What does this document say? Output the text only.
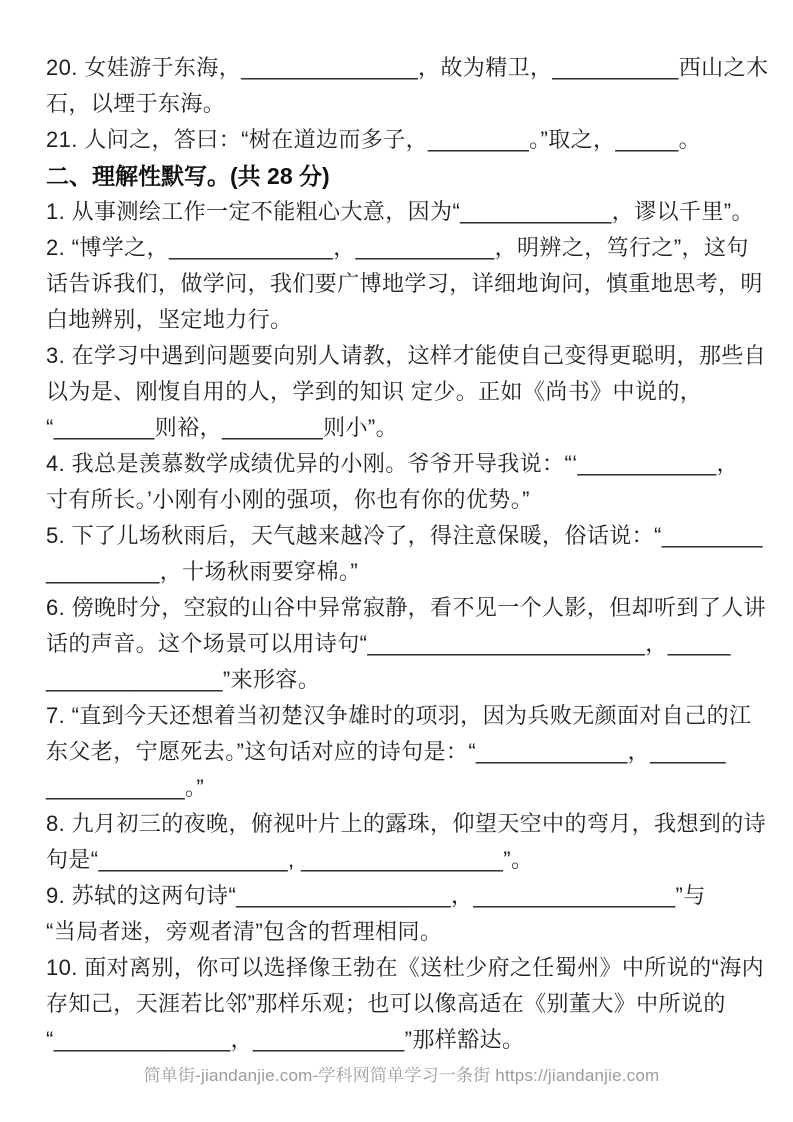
20. 女娃游于东海，______________，故为精卫，__________西山之木
石，以堙于东海。
21. 人问之，答曰：“树在道边而多子，________。”取之，_____。
二、理解性默写。(共 28 分)
1. 从事测绘工作一定不能粗心大意，因为“____________，谬以千里”。
2. “博学之，_____________，___________，明辨之，笃行之”，这句
话告诉我们，做学问，我们要广博地学习，详细地询问，慎重地思考，明
白地辨别，坚定地力行。
3. 在学习中遇到问题要向别人请教，这样才能使自己变得更聪明，那些自
以为是、刚愎自用的人，学到的知识 定少。正如《尚书》中说的，
“________则裕，________则小”。
4. 我总是羡慕数学成绩优异的小刚。爷爷开导我说：“‘___________，
寸有所长。’小刚有小刚的强项，你也有你的优势。”
5. 下了儿场秋雨后，天气越来越冷了，得注意保暖，俗话说：“________
_________，十场秋雨要穿棉。”
6. 傍晚时分，空寂的山谷中异常寂静，看不见一个人影，但却听到了人讲
话的声音。这个场景可以用诗句“______________________，_____
______________”来形容。
7. “直到今天还想着当初楚汉争雄时的项羽，因为兵败无颜面对自己的江
东父老，宁愿死去。”这句话对应的诗句是：“____________，______
___________。”
8. 九月初三的夜晚，俯视叶片上的露珠，仰望天空中的弯月，我想到的诗
句是“_______________, ________________”。
9. 苏轼的这两句诗“_________________，________________”与
“当局者迷，旁观者清”包含的哲理相同。
10. 面对离别，你可以选择像王勃在《送杜少府之任蜀州》中所说的“海内
存知己，天涯若比邻”那样乐观；也可以像高适在《别董大》中所说的
“______________，____________”那样豁达。
简单街-jiandanjie.com-学科网简单学习一条街 https://jiandanjie.com
